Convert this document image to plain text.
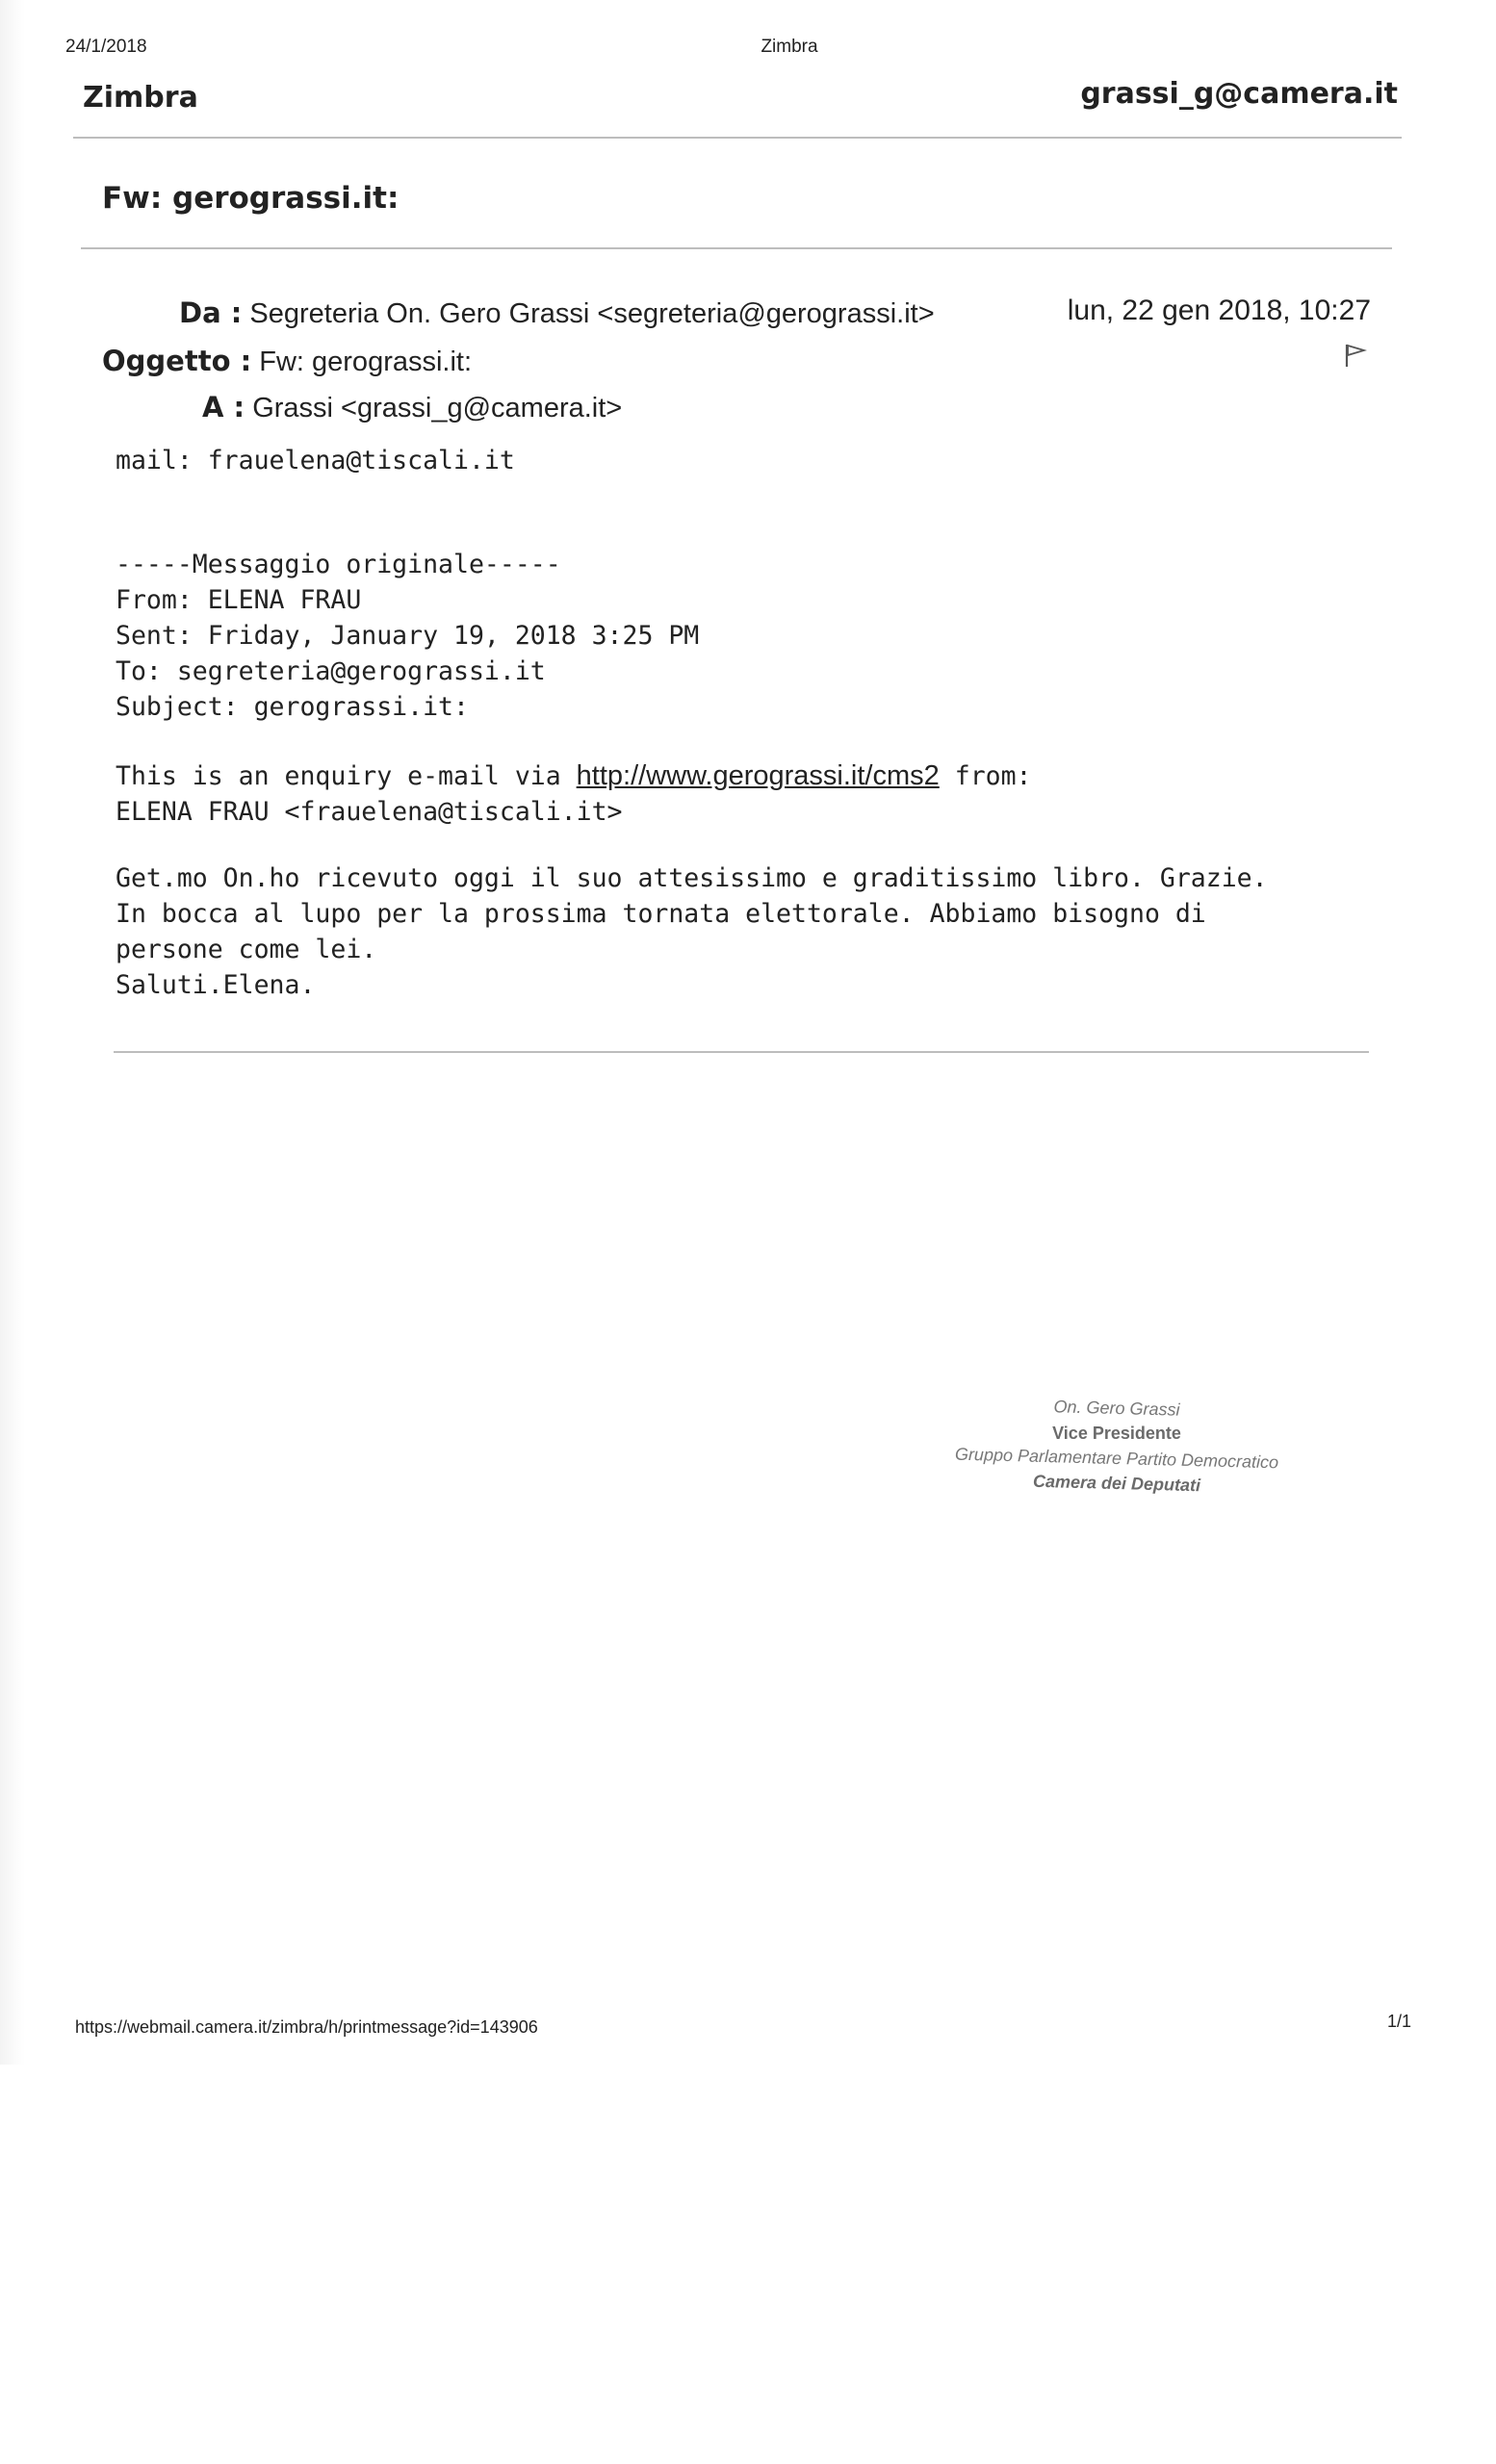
24/1/2018	Zimbra
Zimbra	grassi_g@camera.it
Fw: gerograssi.it:
Da : Segreteria On. Gero Grassi <segreteria@gerograssi.it>	lun, 22 gen 2018, 10:27
Oggetto : Fw: gerograssi.it:
A : Grassi <grassi_g@camera.it>
mail: frauelena@tiscali.it
-----Messaggio originale-----
From: ELENA FRAU
Sent: Friday, January 19, 2018 3:25 PM
To: segreteria@gerograssi.it
Subject: gerograssi.it:
This is an enquiry e-mail via http://www.gerograssi.it/cms2 from:
ELENA FRAU <frauelena@tiscali.it>
Get.mo On.ho ricevuto oggi il suo attesissimo e graditissimo libro. Grazie.
In bocca al lupo per la prossima tornata elettorale. Abbiamo bisogno di
persone come lei.
Saluti.Elena.
On. Gero Grassi
Vice Presidente
Gruppo Parlamentare Partito Democratico
Camera dei Deputati
https://webmail.camera.it/zimbra/h/printmessage?id=143906	1/1
